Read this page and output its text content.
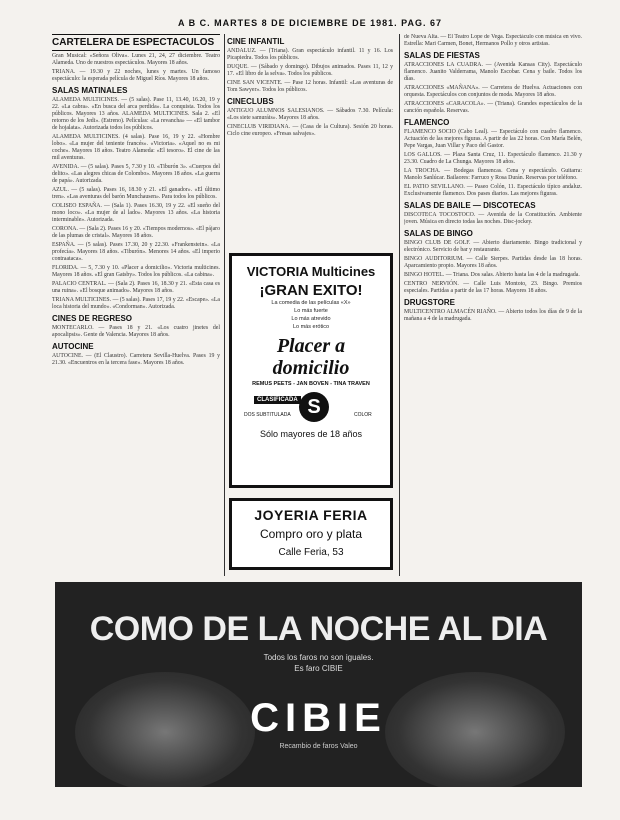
A B C. MARTES 8 DE DICIEMBRE DE 1981. PAG. 67
CARTELERA DE ESPECTACULOS

Gran Musical: «Señora Oliva». Lunes 21, 24, 27 diciembre. Teatro Alameda. Uno de nuestros espectáculos. Mayores 18 años.

TRIANA. — 19.30 y 22 noches, lunes y martes. Un famoso espectáculo: la esperada película de Miguel Ríos. Mayores 18 años.

SALAS MATINALES

ALAMEDA MULTICINES. — (5 salas). Pase 11, 13.40, 16.20, 19 y 22. «La cabra». «En busca del arca perdida». La conquista. Todos los públicos. Mayores 13 años. ALAMEDA MULTICINES. Sala 2. «El retorno de los Jedi». (Estreno). Películas: «La revancha» — «El tambor de hojalata». Autorizada todos los públicos.

ALAMEDA MULTICINES. (4 salas). Pase 16, 19 y 22. «Hombre lobo». «La mujer del teniente francés». «Victoria». «Aquel no es mi coche». Mayores 18 años. Teatro Alameda: «El tesoro». El cine de las mil aventuras.

AVENIDA. — (5 salas). Pases 5, 7.30 y 10. «Tiburón 3». «Cuerpos del delito». «Las alegres chicas de Colombo». Mayores 18 años. «La guerra de papá». Autorizada.

AZUL. — (5 salas). Pases 16, 18.30 y 21. «El ganador». «El último tren». «Las aventuras del barón Munchausen». Para todos los públicos.

COLISEO ESPAÑA. — (Sala 1). Pases 16.30, 19 y 22. «El sueño del mono loco». «La mujer de al lado». Mayores 13 años. «La historia interminable». Autorizada.

CORONA. — (Sala 2). Pases 16 y 20. «Tiempos modernos». «El pájaro de las plumas de cristal». Mayores 18 años.

ESPAÑA. — (5 salas). Pases 17.30, 20 y 22.30. «Frankenstein». «La profecía». Mayores 18 años. «Tiburón». Menores 14 años. «El imperio contraataca».

FLORIDA. — 5, 7.30 y 10. «Placer a domicilio». Victoria multicines. Mayores 18 años. «El gran Gatsby». Todos los públicos. «La cabina».

PALACIO CENTRAL. — (Sala 2). Pases 16, 18.30 y 21. «Esta casa es una ruina». «El bosque animado». Mayores 18 años.

TRIANA MULTICINES. — (5 salas). Pases 17, 19 y 22. «Escape». «La loca historia del mundo». «Condorman». Autorizada.

CINES DE REGRESO

MONTECARLO. — Pases 18 y 21. «Los cuatro jinetes del apocalipsis». Gente de Valencia. Mayores 18 años.

AUTOCINE

AUTOCINE. — (El Claustro). Carretera Sevilla-Huelva. Pases 19 y 21.30. «Encuentros en la tercera fase». Mayores 18 años.

CINE INFANTIL

ANDALUZ. — (Triana). Gran espectáculo infantil. 11 y 16. Los Picapiedra. Todos los públicos.

DUQUE. — (Sábado y domingo). Dibujos animados. Pases 11, 12 y 17. «El libro de la selva». Todos los públicos.

CINE SAN VICENTE. — Pase 12 horas. Infantil: «Las aventuras de Tom Sawyer». Todos los públicos.

CINECLUBS

ANTIGUO ALUMNOS SALESIANOS. — Sábados 7.30. Película: «Los siete samuráis». Mayores 18 años.

CINECLUB VIRIDIANA. — (Casa de la Cultura). Sesión 20 horas. Ciclo cine europeo. «Fresas salvajes».

VICTORIA Multicines
¡GRAN EXITO!
La comedia de las películas «X»
Lo más fuerte
Lo más atrevido
Lo más erótico
Placer a
domicilio
REMUS PEETS - JAN BOVEN - TINA TRAVEN
CLASIFICADA S
DOS SUBTITULADA	COLOR
Sólo mayores de 18 años
JOYERIA FERIA
Compro oro y plata
Calle Feria, 53

de Nueva Alta. — El Teatro Lope de Vega. Espectáculo con música en vivo. Estrella: Mari Carmen, Bonet, Hermanos Pollo y otros artistas.

SALAS DE FIESTAS

ATRACCIONES LA CUADRA. — (Avenida Kansas City). Espectáculo flamenco. Juanito Valderrama, Manolo Escobar. Cena y baile. Todos los días.

ATRACCIONES «MAÑANA». — Carretera de Huelva. Actuaciones con orquesta. Espectáculos con conjuntos de moda. Mayores 18 años.

ATRACCIONES «CARACOLA». — (Triana). Grandes espectáculos de la canción española. Reservas.

FLAMENCO

FLAMENCO SOCIO (Cabo Leal). — Espectáculo con cuadro flamenco. Actuación de las mejores figuras. A partir de las 22 horas. Con María Belén, Pepe Vargas, Juan Villar y Paco del Gastor.

LOS GALLOS. — Plaza Santa Cruz, 11. Espectáculo flamenco. 21.30 y 23.30. Cuadro de La Chunga. Mayores 18 años.

LA TROCHA. — Bodegas flamencas. Cena y espectáculo. Guitarra: Manolo Sanlúcar. Bailaores: Farruco y Rosa Durán. Reservas por teléfono.

EL PATIO SEVILLANO. — Paseo Colón, 11. Espectáculo típico andaluz. Exclusivamente flamenco. Dos pases diarios. Las mejores figuras.

SALAS DE BAILE — DISCOTECAS

DISCOTECA TOCOSTOCO. — Avenida de la Constitución. Ambiente joven. Música en directo todas las noches. Disc-jockey.

SALAS DE BINGO

BINGO CLUB DE GOLF. — Abierto diariamente. Bingo tradicional y electrónico. Servicio de bar y restaurante.

BINGO AUDITORIUM. — Calle Sierpes. Partidas desde las 18 horas. Aparcamiento propio. Mayores 18 años.

BINGO HOTEL. — Triana. Dos salas. Abierto hasta las 4 de la madrugada.

CENTRO NERVIÓN. — Calle Luis Montoto, 23. Bingo. Premios especiales. Partidas a partir de las 17 horas. Mayores 18 años.

DRUGSTORE

MULTICENTRO ALMACÉN RIAÑO. — Abierto todos los días de 9 de la mañana a 4 de la madrugada.

COMO DE LA NOCHE AL DIA
Todos los faros no son iguales.
Es faro CIBIE
CIBIE
Recambio de faros Valeo
